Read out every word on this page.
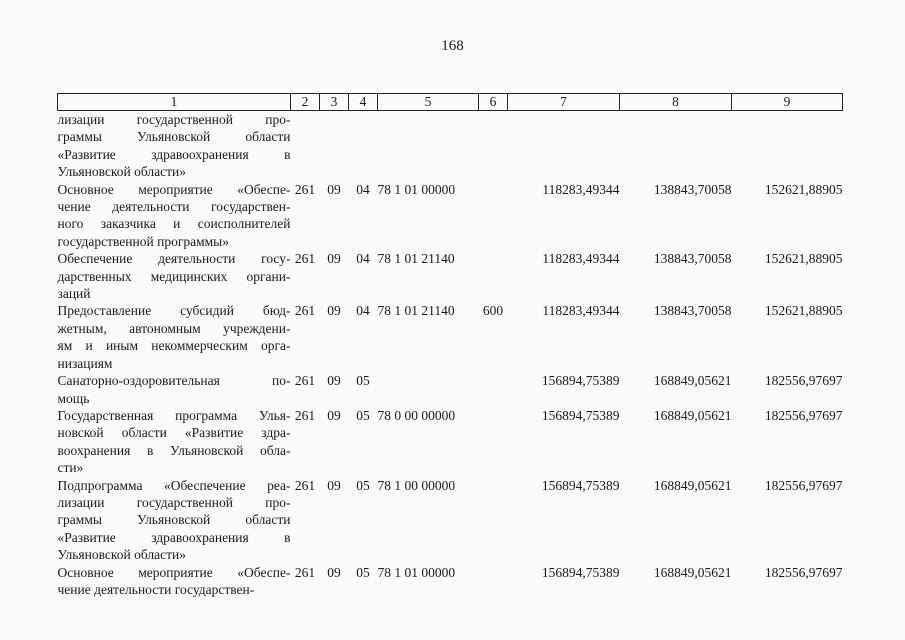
168
1	2	3	4	5	6	7	8	9

лизации государственной про-
граммы Ульяновской области
«Развитие здравоохранения в
Ульяновской области»								

Основное мероприятие «Обеспе-
чение деятельности государствен-
ного заказчика и соисполнителей
государственной программы»	261	09	04	78 1 01 00000		118283,49344	138843,70058	152621,88905

Обеспечение деятельности госу-
дарственных медицинских органи-
заций	261	09	04	78 1 01 21140		118283,49344	138843,70058	152621,88905

Предоставление субсидий бюд-
жетным, автономным учреждени-
ям и иным некоммерческим орга-
низациям	261	09	04	78 1 01 21140	600	118283,49344	138843,70058	152621,88905

Санаторно-оздоровительная по-
мощь	261	09	05			156894,75389	168849,05621	182556,97697

Государственная программа Улья-
новской области «Развитие здра-
воохранения в Ульяновской обла-
сти»	261	09	05	78 0 00 00000		156894,75389	168849,05621	182556,97697

Подпрограмма «Обеспечение реа-
лизации государственной про-
граммы Ульяновской области
«Развитие здравоохранения в
Ульяновской области»	261	09	05	78 1 00 00000		156894,75389	168849,05621	182556,97697

Основное мероприятие «Обеспе-
чение деятельности государствен-	261	09	05	78 1 01 00000		156894,75389	168849,05621	182556,97697
